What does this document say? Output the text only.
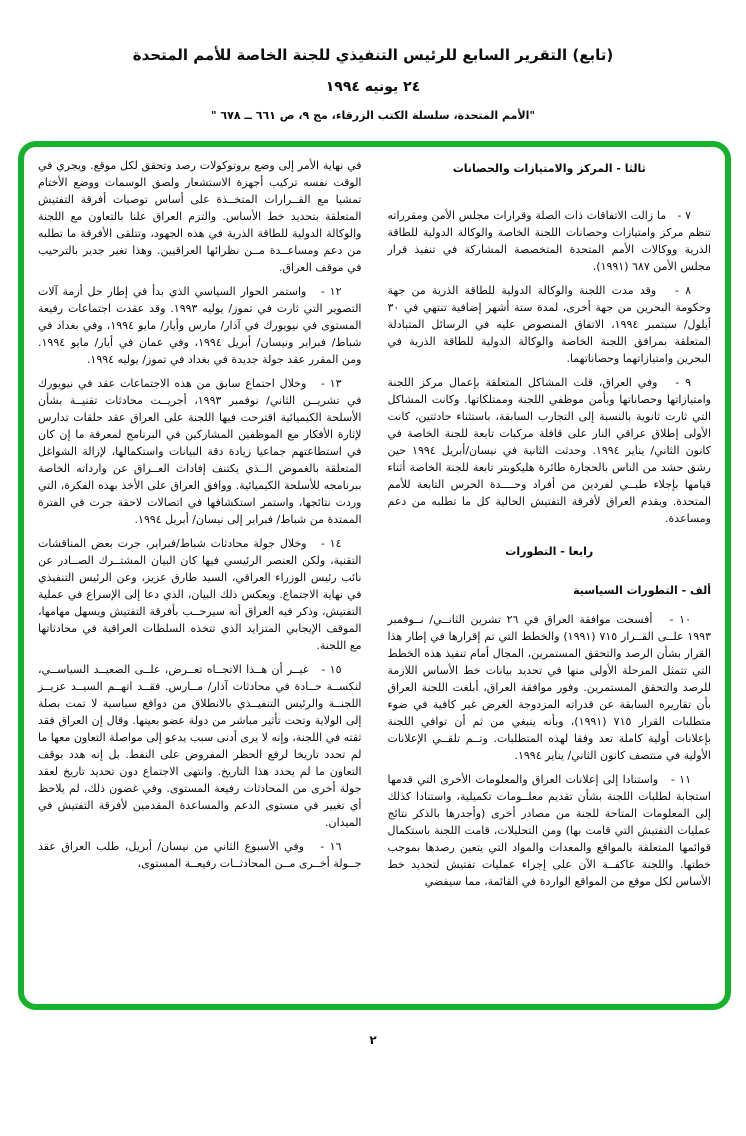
(تابع) التقرير السابع للرئيس التنفيذي للجنة الخاصة للأمم المتحدة

٢٤ يونيه ١٩٩٤

"الأمم المتحدة، سلسلة الكتب الزرقاء، مج ٩، ص ٦٦١ ــ ٦٧٨ "

ثالثا - المركز والامتيازات والحصانات

٧ -   ما زالت الاتفاقات ذات الصلة وقرارات مجلس الأمن ومقرراته تنظم مركز وامتيازات وحصانات اللجنة الخاصة والوكالة الدولية للطاقة الذرية ووكالات الأمم المتحدة المتخصصة المشاركة في تنفيذ قرار مجلس الأمن ٦٨٧ (١٩٩١).

٨ -   وقد مدت اللجنة والوكالة الدولية للطاقة الذرية من جهة وحكومة البحرين من جهة أخرى، لمدة ستة أشهر إضافية تنتهي في ٣٠ أيلول/ سبتمبر ١٩٩٤، الاتفاق المنصوص عليه في الرسائل المتبادلة المتعلقة بمرافق اللجنة الخاصة والوكالة الدولية للطاقة الذرية في البحرين وامتيازاتهما وحصاناتهما.

٩ -   وفي العراق، قلت المشاكل المتعلقة بإعمال مركز اللجنة وامتيازاتها وحصاناتها وبأمن موظفي اللجنة وممتلكاتها. وكانت المشاكل التي ثارت ثانوية بالنسبة إلى التجارب السابقة، باستثناء حادثتين، كانت الأولى إطلاق عراقي النار على قافلة مركبات تابعة للجنة الخاصة في كانون الثاني/ يناير ١٩٩٤. وحدثت الثانية في نيسان/أبريل ١٩٩٤ حين رشق حشد من الناس بالحجارة طائرة هليكوبتر تابعة للجنة الخاصة أثناء قيامها بإجلاء طبــي لفردين من أفراد وحــــدة الحرس التابعة للأمم المتحدة. ويقدم العراق لأفرقة التفتيش الحالية كل ما تطلبه من دعم ومساعدة.

رابعا - التطورات
ألف - التطورات السياسية

١٠ -   أفسحت موافقة العراق في ٢٦ تشرين الثانــي/ نــوفمبر ١٩٩٣ علــى القــرار ٧١٥ (١٩٩١) والخطط التي تم إقرارها في إطار هذا القرار بشأن الرصد والتحقق المستمرين، المجال أمام تنفيذ هذه الخطط التي تتمثل المرحلة الأولى منها في تحديد بيانات خط الأساس اللازمة للرصد والتحقق المستمرين. وفور موافقة العراق، أبلغت اللجنة العراق بأن تقاريره السابقة عن قدراته المزدوجة الغرض غير كافية في ضوء متطلبات القرار ٧١٥ (١٩٩١)، وبأنه ينبغي من ثم أن توافي اللجنة بإعلانات أولية كاملة تعد وفقا لهذه المتطلبات. وتــم تلقــي الإعلانات الأولية في منتصف كانون الثاني/ يناير ١٩٩٤.

١١ -   واستنادا إلى إعلانات العراق والمعلومات الأخرى التي قدمها استجابة لطلبات اللجنة بشأن تقديم معلــومات تكميلية، واستنادا كذلك إلى المعلومات المتاحة للجنة من مصادر أخرى (وأجدرها بالذكر نتائج عمليات التفتيش التي قامت بها) ومن التحليلات، قامت اللجنة باستكمال قوائمها المتعلقة بالمواقع والمعدات والمواد التي يتعين رصدها بموجب خطتها. واللجنة عاكفــة الآن على إجراء عمليات تفتيش لتحديد خط الأساس لكل موقع من المواقع الواردة في القائمة، مما سيفضي

في نهاية الأمر إلى وضع بروتوكولات رصد وتحقق لكل موقع. ويجري في الوقت نفسه تركيب أجهزة الاستشعار ولصق الوسمات ووضع الأختام تمشيا مع القــرارات المتخــذة على أساس توصيات أفرقة التفتيش المتعلقة بتحديد خط الأساس. والتزم العراق علنا بالتعاون مع اللجنة والوكالة الدولية للطاقة الذرية في هذه الجهود، وتتلقى الأفرقة ما تطلبه من دعم ومساعــدة مــن نظرائها العراقيين. وهذا تغير جدير بالترحيب في موقف العراق.

١٢ -   واستمر الحوار السياسي الذي بدأ في إطار حل أزمة آلات التصوير التي ثارت في تموز/ يوليه ١٩٩٣. وقد عقدت اجتماعات رفيعة المستوى في نيويورك في آذار/ مارس وأيار/ مايو ١٩٩٤، وفي بغداد في شباط/ فبراير ونيسان/ أبريل ١٩٩٤، وفي عمان في أيار/ مايو ١٩٩٤. ومن المقرر عقد جولة جديدة في بغداد في تموز/ يوليه ١٩٩٤.

١٣ -   وخلال اجتماع سابق من هذه الاجتماعات عقد في نيويورك في تشريــن الثاني/ نوفمبر ١٩٩٣، أجريــت محادثات تقنيــة بشأن الأسلحة الكيميائية اقترحت فيها اللجنة على العراق عقد حلقات تدارس لإثارة الأفكار مع الموظفين المشاركين في البرنامج لمعرفة ما إن كان في استطاعتهم جماعيا زيادة دقة البيانات واستكمالها، لإزالة الشواغل المتعلقة بالغموض الــذي يكتنف إفادات العــراق عن وارداته الخاصة ببرنامجه للأسلحة الكيميائية. ووافق العراق على الأخذ بهذه الفكرة، التي وردت نتائجها، واستمر استكشافها في اتصالات لاحقة جرت في الفترة الممتدة من شباط/ فبراير إلى نيسان/ أبريل ١٩٩٤.

١٤ -   وخلال جولة محادثات شباط/فبراير، جرت بعض المناقشات التقنية، ولكن العنصر الرئيسي فيها كان البيان المشتــرك الصــادر عن نائب رئيس الوزراء العراقي، السيد طارق عزيز، وعن الرئيس التنفيذي في نهاية الاجتماع. ويعكس ذلك البيان، الذي دعا إلى الإسراع في عملية التفتيش، وذكر فيه العراق أنه سيرحــب بأفرقة التفتيش ويسهل مهامها، الموقف الإيجابي المتزايد الذي تتخذه السلطات العراقية في محادثاتها مع اللجنة.

١٥ -   غيــر أن هــذا الاتجــاه تعــرض، علــى الصعيــد السياســي، لنكســة حــادة في محادثات آذار/ مــارس. فقــد اتهــم السيــد عزيــز اللجنــة والرئيس التنفيــذي بالانطلاق من دوافع سياسية لا تمت بصلة إلى الولاية وتحت تأثير مباشر من دولة عضو بعينها. وقال إن العراق فقد ثقته في اللجنة، وإنه لا يرى أدنى سبب يدعو إلى مواصلة التعاون معها ما لم تحدد تاريخا لرفع الحظر المفروض على النفط. بل إنه هدد بوقف التعاون ما لم يحدد هذا التاريخ. وانتهى الاجتماع دون تحديد تاريخ لعقد جولة أخرى من المحادثات رفيعة المستوى. وفي غضون ذلك، لم يلاحظ أي تغيير في مستوى الدعم والمساعدة المقدمين لأفرقة التفتيش في الميدان.

١٦ -   وفي الأسبوع الثاني من نيسان/ أبريل، طلب العراق عقد جــولة أخــرى مــن المحادثــات رفيعــة المستوى،

٢
